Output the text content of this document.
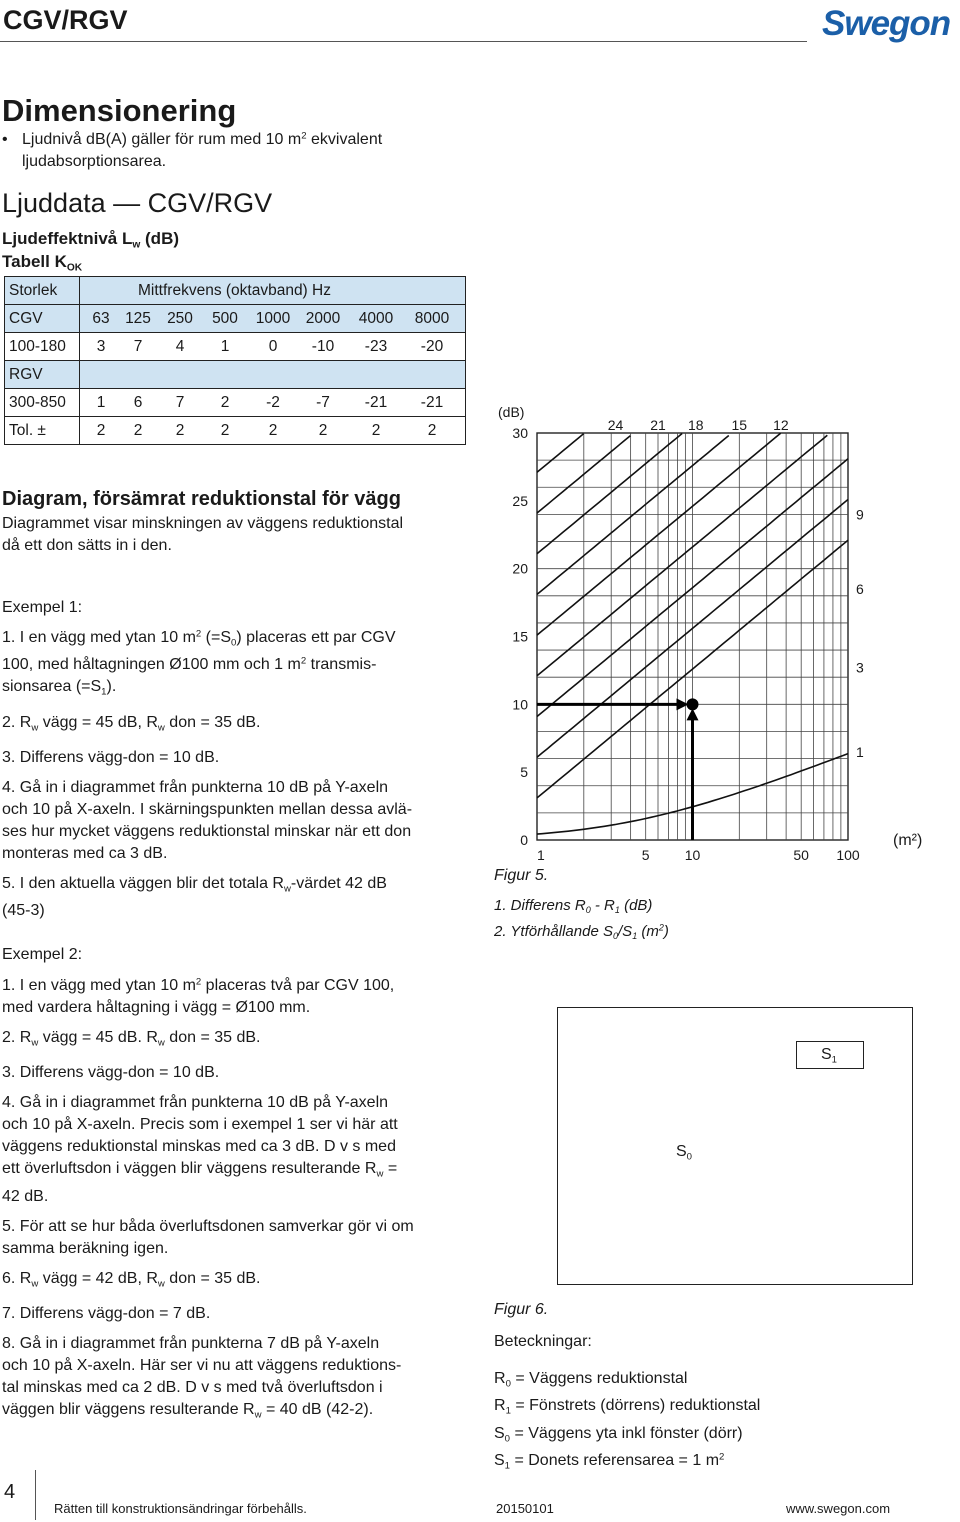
CGV/RGV	Swegon
Dimensionering
• Ljudnivå dB(A) gäller för rum med 10 $m^2$ ekvivalent
ljudabsorptionsarea.
Ljuddata — CGV/RGV
Ljudeffektnivå $L_w$ (dB)
Tabell $K_{OK}$
Storlek	Mittfrekvens (oktavband) Hz
CGV	63 125 250 500 1000 2000 4000 8000
100-180	3 7 4 1 0 -10 -23 -20
RGV	
300-850	1 6 7 2 -2 -7 -21 -21
Tol. ±	2 2 2 2 2 2 2 2
Diagram, försämrat reduktionstal för vägg
Diagrammet visar minskningen av väggens reduktionstal
då ett don sätts in i den.
Exempel 1:

1. I en vägg med ytan 10 $m^2$ $(=S_0)$ placeras ett par CGV

100, med håltagningen Ø100 mm och 1 $m^2$ transmis-

sionsarea $(=S_1)$.

2. $R_w$ vägg = 45 dB, $R_w$ don = 35 dB.

3. Differens vägg-don = 10 dB.

4. Gå in i diagrammet från punkterna 10 dB på Y-axeln

och 10 på X-axeln. I skärningspunkten mellan dessa avlä-

ses hur mycket väggens reduktionstal minskar när ett don

monteras med ca 3 dB.

5. I den aktuella väggen blir det totala $R_w$-värdet 42 dB

(45-3)

Exempel 2:

1. I en vägg med ytan 10 $m^2$ placeras två par CGV 100,

med vardera håltagning i vägg = Ø100 mm.

2. $R_w$ vägg = 45 dB. $R_w$ don = 35 dB.

3. Differens vägg-don = 10 dB.

4. Gå in i diagrammet från punkterna 10 dB på Y-axeln

och 10 på X-axeln. Precis som i exempel 1 ser vi här att

väggens reduktionstal minskas med ca 3 dB. D v s med

ett överluftsdon i väggen blir väggens resulterande $R_w$ =

42 dB.

5. För att se hur båda överluftsdonen samverkar gör vi om

samma beräkning igen.

6. $R_w$ vägg = 42 dB, $R_w$ don = 35 dB.

7. Differens vägg-don = 7 dB.

8. Gå in i diagrammet från punkterna 7 dB på Y-axeln

och 10 på X-axeln. Här ser vi nu att väggens reduktions-

tal minskas med ca 2 dB. D v s med två överluftsdon i

väggen blir väggens resulterande $R_w = 40$ dB (42-2).

(dB)
30
25
20
15
10
5
0
1	5	10	50 100
(m²)
24 21 18 15 12
9
6
3
1
Figur 5.
1. Differens $R_0 - R_1$ (dB)
2. Ytförhållande $S_0/S_1$ $(m^2)$
$S_1$
$S_0$
Figur 6.
Beteckningar:
$R_0$ = Väggens reduktionstal
$R_1$ = Fönstrets (dörrens) reduktionstal
$S_0$ = Väggens yta inkl fönster (dörr)
$S_1$ = Donets referensarea = 1 $m^2$
4
Rätten till konstruktionsändringar förbehålls.	20150101	www.swegon.com
